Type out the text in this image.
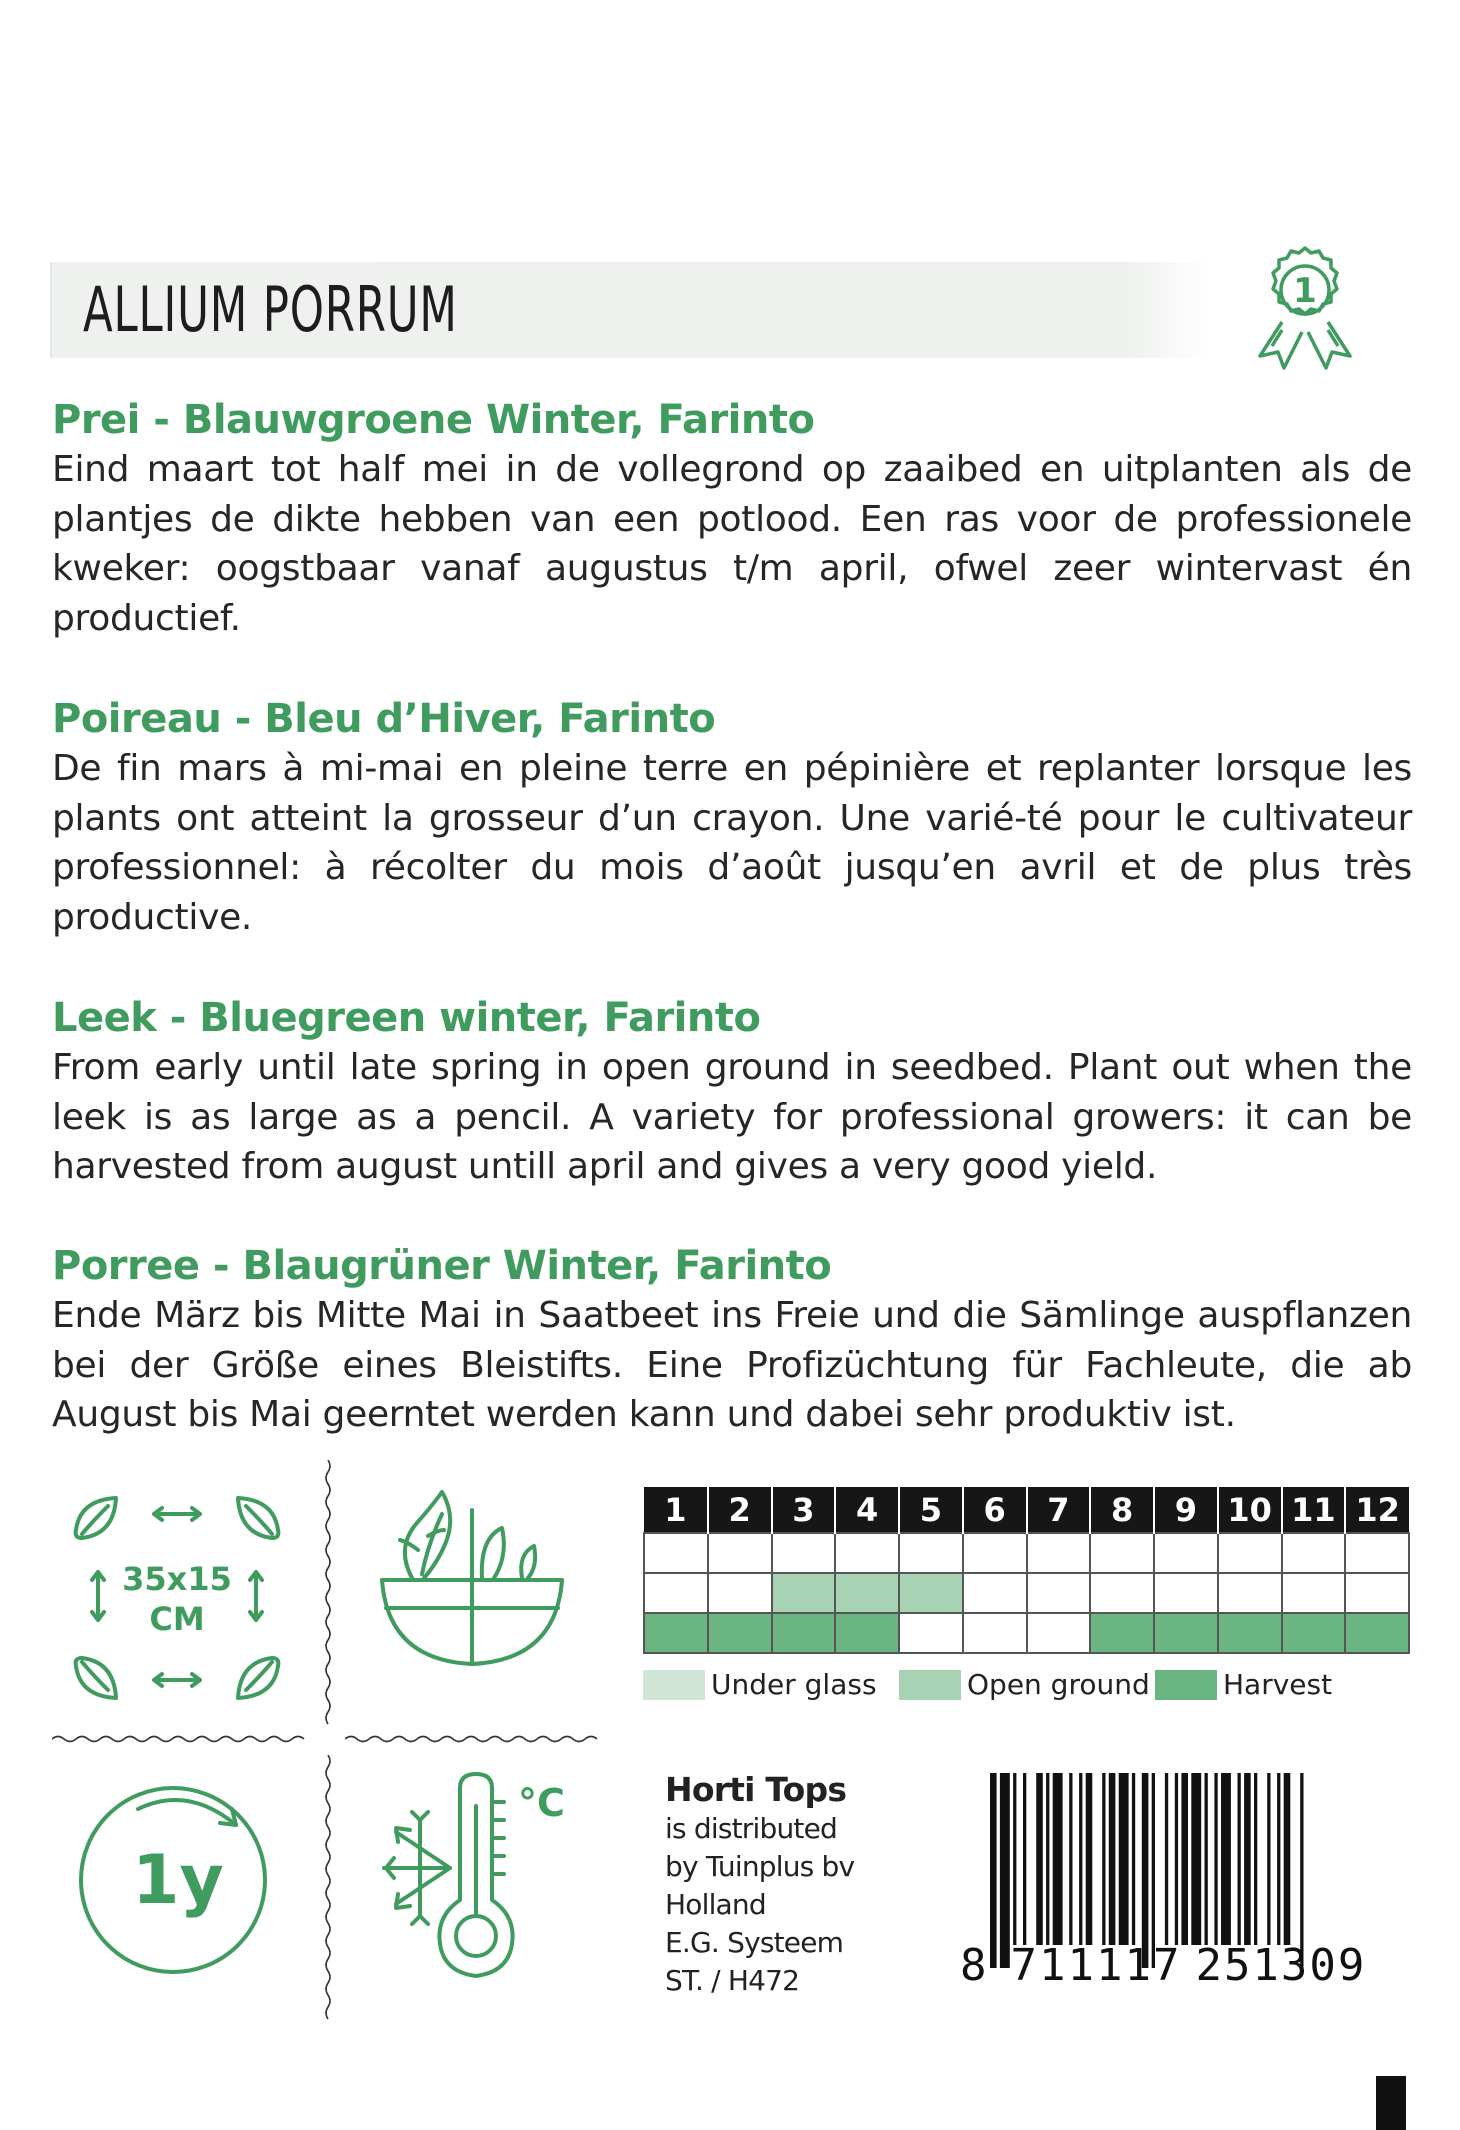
ALLIUM PORRUM	1
Prei - Blauwgroene Winter, Farinto

Eind maart tot half mei in de vollegrond op zaaibed en uitplanten als de plantjes de dikte hebben van een potlood. Een ras voor de professionele kweker: oogstbaar vanaf augustus t/m april, ofwel zeer wintervast én productief.

Poireau - Bleu d’Hiver, Farinto

De fin mars à mi-mai en pleine terre en pépinière et replanter lorsque les plants ont atteint la grosseur d’un crayon. Une varié-té pour le cultivateur professionnel: à récolter du mois d’août jusqu’en avril et de plus très productive.

Leek - Bluegreen winter, Farinto

From early until late spring in open ground in seedbed. Plant out when the leek is as large as a pencil. A variety for professional growers: it can be harvested from august untill april and gives a very good yield.

Porree - Blaugrüner Winter, Farinto

Ende März bis Mitte Mai in Saatbeet ins Freie und die Sämlinge auspflanzen bei der Größe eines Bleistifts. Eine Profizüchtung für Fachleute, die ab August bis Mai geerntet werden kann und dabei sehr produktiv ist.

35x15
CM
1y
°C
1	2	3	4	5	6	7	8	9	10	11	12

Under glass	Open ground	Harvest
Horti Tops
is distributed
by Tuinplus bv
Holland
E.G. Systeem
ST. / H472	8 711117 251309
